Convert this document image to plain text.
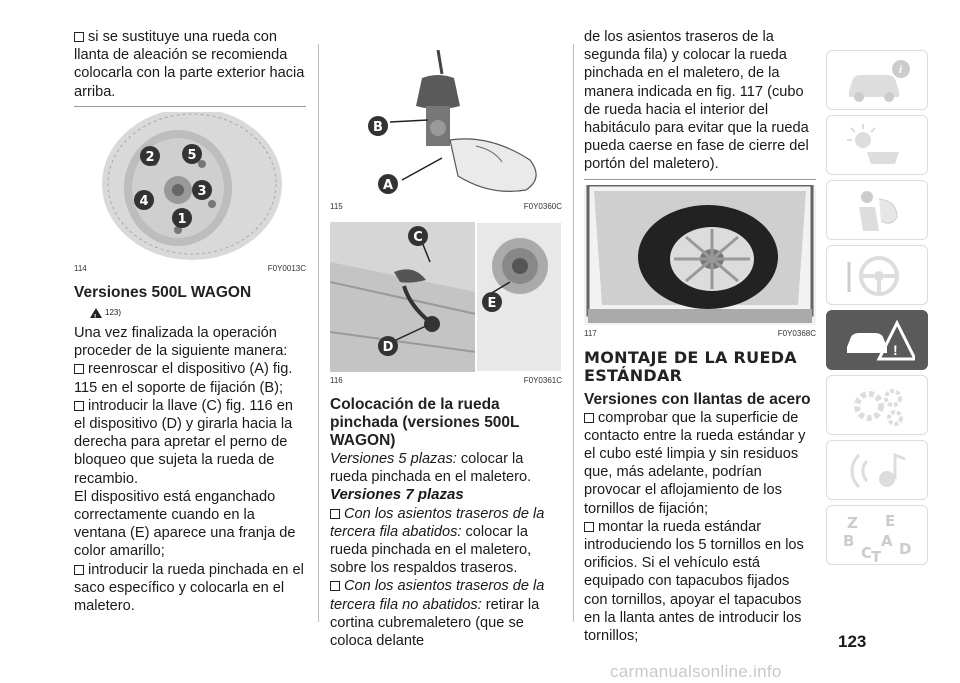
si se sustituye una rueda con llanta de aleación se recomienda colocarla con la parte exterior hacia arriba.

2	5
4
3
1
114	F0Y0013C
Versiones 500L WAGON
!
123)

Una vez finalizada la operación proceder de la siguiente manera:

reenroscar el dispositivo (A) fig. 115 en el soporte de fijación (B);

introducir la llave (C) fig. 116 en el dispositivo (D) y girarla hacia la derecha para apretar el perno de bloqueo que sujeta la rueda de recambio.

El dispositivo está enganchado correctamente cuando en la ventana (E) aparece una franja de color amarillo;

introducir la rueda pinchada en el saco específico y colocarla en el maletero.

B
A
115	F0Y0360C
C
E
D
116	F0Y0361C
Colocación de la rueda pinchada (versiones 500L WAGON)

Versiones 5 plazas: colocar la rueda pinchada en el maletero.

Versiones 7 plazas

Con los asientos traseros de la tercera fila abatidos: colocar la rueda pinchada en el maletero, sobre los respaldos traseros.

Con los asientos traseros de la tercera fila no abatidos: retirar la cortina cubremaletero (que se coloca delante

de los asientos traseros de la segunda fila) y colocar la rueda pinchada en el maletero, de la manera indicada en fig. 117 (cubo de rueda hacia el interior del habitáculo para evitar que la rueda pueda caerse en fase de cierre del portón del maletero).

117	F0Y0368C
MONTAJE DE LA RUEDA ESTÁNDAR
Versiones con llantas de acero

comprobar que la superficie de contacto entre la rueda estándar y el cubo esté limpia y sin residuos que, más adelante, podrían provocar el aflojamiento de los tornillos de fijación;

montar la rueda estándar introduciendo los 5 tornillos en los orificios. Si el vehículo está equipado con tapacubos fijados con tornillos, apoyar el tapacubos en la llanta antes de introducir los tornillos;

i
!
Z E
B A
C
T D
123
carmanualsonline.info
